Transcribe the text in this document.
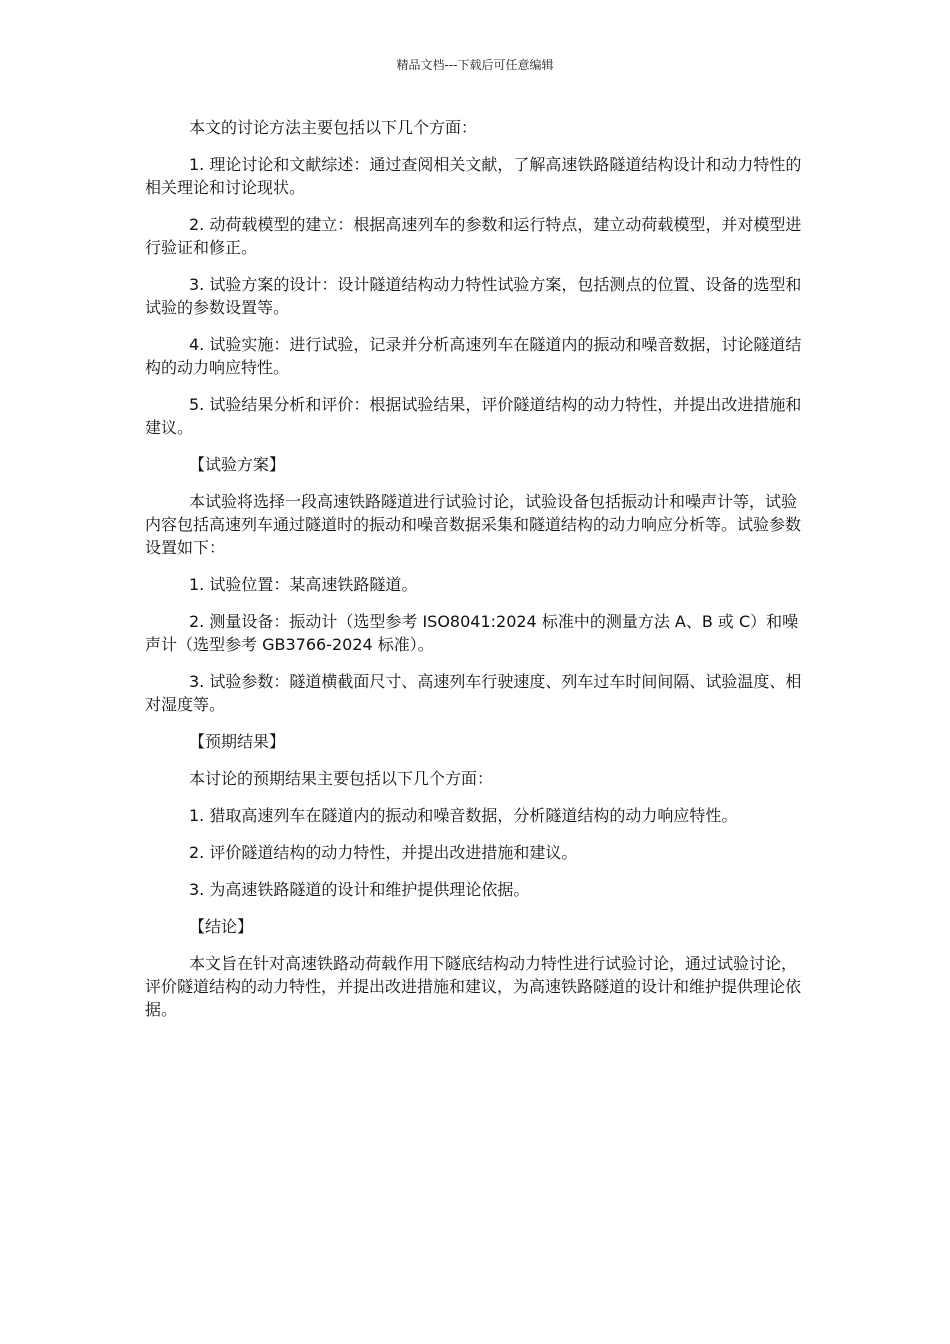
精品文档---下载后可任意编辑

本文的讨论方法主要包括以下几个方面：

1. 理论讨论和文献综述：通过查阅相关文献，了解高速铁路隧道结构设计和动力特性的相关理论和讨论现状。

2. 动荷载模型的建立：根据高速列车的参数和运行特点，建立动荷载模型，并对模型进行验证和修正。

3. 试验方案的设计：设计隧道结构动力特性试验方案，包括测点的位置、设备的选型和试验的参数设置等。

4. 试验实施：进行试验，记录并分析高速列车在隧道内的振动和噪音数据，讨论隧道结构的动力响应特性。

5. 试验结果分析和评价：根据试验结果，评价隧道结构的动力特性，并提出改进措施和建议。

【试验方案】

本试验将选择一段高速铁路隧道进行试验讨论，试验设备包括振动计和噪声计等，试验内容包括高速列车通过隧道时的振动和噪音数据采集和隧道结构的动力响应分析等。试验参数设置如下：

1. 试验位置：某高速铁路隧道。

2. 测量设备：振动计（选型参考 ISO8041:2024 标准中的测量方法 A、B 或 C）和噪声计（选型参考 GB3766-2024 标准）。

3. 试验参数：隧道横截面尺寸、高速列车行驶速度、列车过车时间间隔、试验温度、相对湿度等。

【预期结果】

本讨论的预期结果主要包括以下几个方面：

1. 猎取高速列车在隧道内的振动和噪音数据，分析隧道结构的动力响应特性。

2. 评价隧道结构的动力特性，并提出改进措施和建议。

3. 为高速铁路隧道的设计和维护提供理论依据。

【结论】

本文旨在针对高速铁路动荷载作用下隧底结构动力特性进行试验讨论，通过试验讨论，评价隧道结构的动力特性，并提出改进措施和建议，为高速铁路隧道的设计和维护提供理论依据。
